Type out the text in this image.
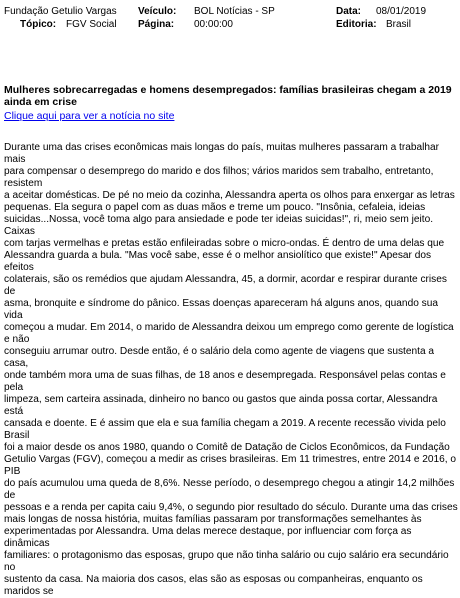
Fundação Getulio Vargas Veículo: BOL Notícias - SP	Data: 08/01/2019
Tópico: FGV Social Página: 00:00:00	Editoria: Brasil
Mulheres sobrecarregadas e homens desempregados: famílias brasileiras chegam a 2019 ainda em crise
Clique aqui para ver a notícia no site
Durante uma das crises econômicas mais longas do país, muitas mulheres passaram a trabalhar mais
para compensar o desemprego do marido e dos filhos; vários maridos sem trabalho, entretanto, resistem
a aceitar domésticas. De pé no meio da cozinha, Alessandra aperta os olhos para enxergar as letras
pequenas. Ela segura o papel com as duas mãos e treme um pouco. "Insônia, cefaleia, ideias
suicidas...Nossa, você toma algo para ansiedade e pode ter ideias suicidas!", ri, meio sem jeito. Caixas
com tarjas vermelhas e pretas estão enfileiradas sobre o micro-ondas. É dentro de uma delas que
Alessandra guarda a bula. "Mas você sabe, esse é o melhor ansiolítico que existe!" Apesar dos efeitos
colaterais, são os remédios que ajudam Alessandra, 45, a dormir, acordar e respirar durante crises de
asma, bronquite e síndrome do pânico. Essas doenças apareceram há alguns anos, quando sua vida
começou a mudar. Em 2014, o marido de Alessandra deixou um emprego como gerente de logística e não
conseguiu arrumar outro. Desde então, é o salário dela como agente de viagens que sustenta a casa,
onde também mora uma de suas filhas, de 18 anos e desempregada. Responsável pelas contas e pela
limpeza, sem carteira assinada, dinheiro no banco ou gastos que ainda possa cortar, Alessandra está
cansada e doente. E é assim que ela e sua família chegam a 2019. A recente recessão vivida pelo Brasil
foi a maior desde os anos 1980, quando o Comitê de Datação de Ciclos Econômicos, da Fundação
Getulio Vargas (FGV), começou a medir as crises brasileiras. Em 11 trimestres, entre 2014 e 2016, o PIB
do país acumulou uma queda de 8,6%. Nesse período, o desemprego chegou a atingir 14,2 milhões de
pessoas e a renda per capita caiu 9,4%, o segundo pior resultado do século. Durante uma das crises
mais longas de nossa história, muitas famílias passaram por transformações semelhantes às
experimentadas por Alessandra. Uma delas merece destaque, por influenciar com força as dinâmicas
familiares: o protagonismo das esposas, grupo que não tinha salário ou cujo salário era secundário no
sustento da casa. Na maioria dos casos, elas são as esposas ou companheiras, enquanto os maridos se
